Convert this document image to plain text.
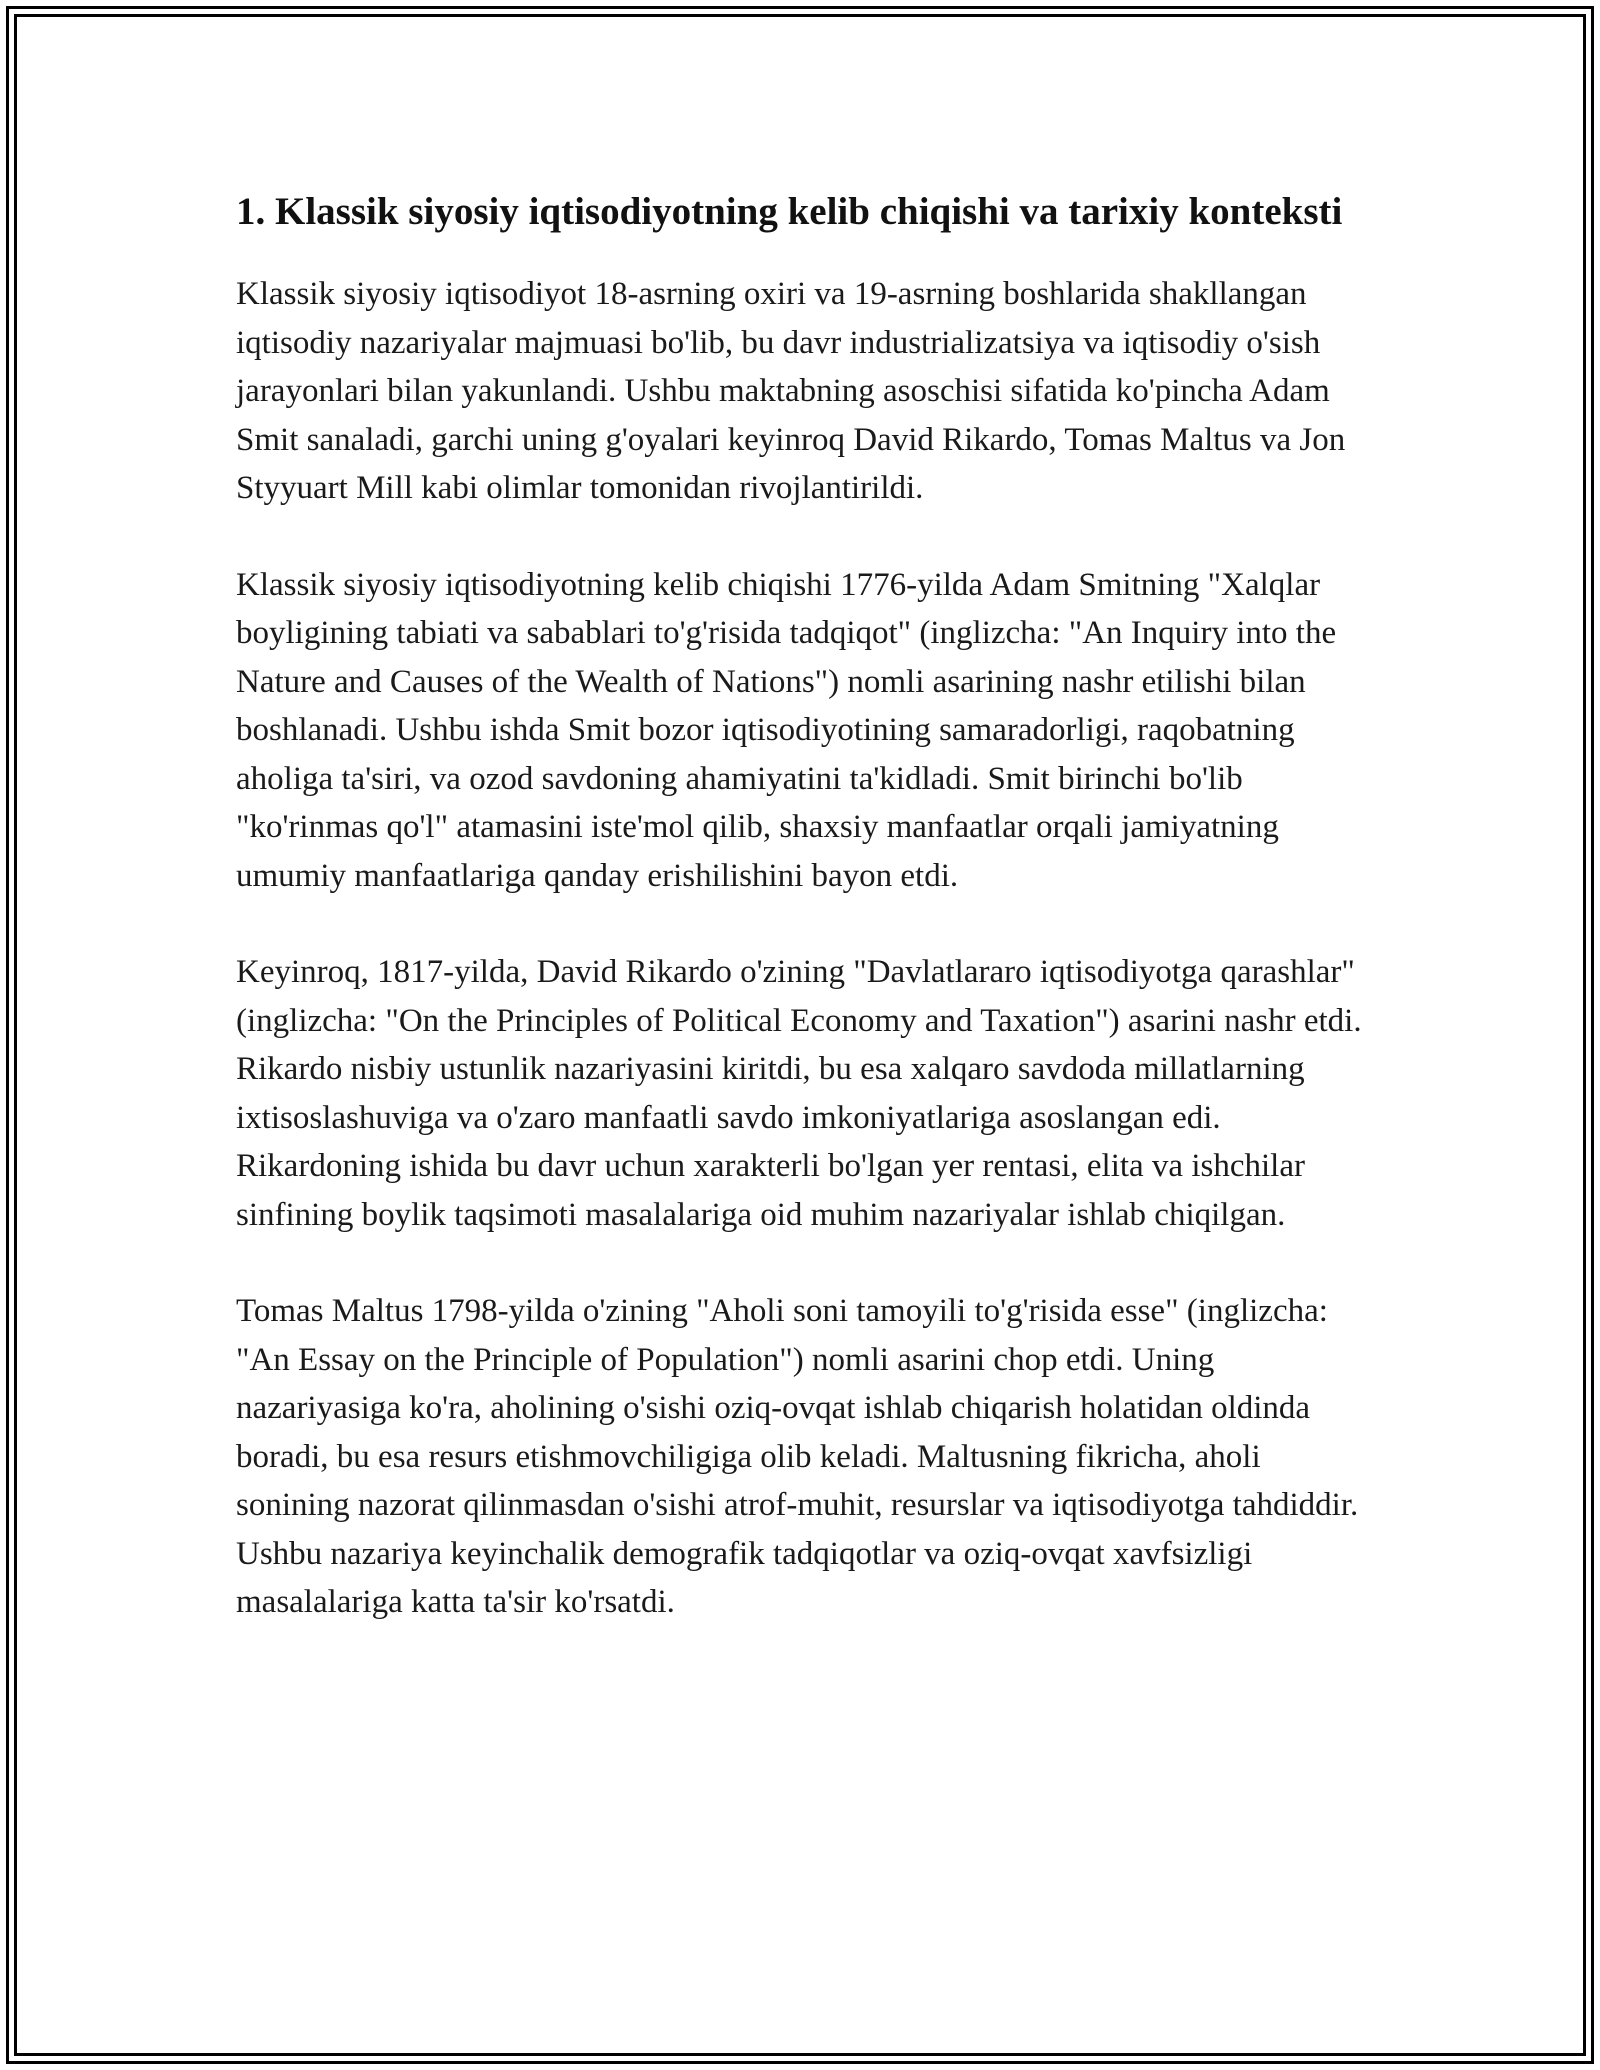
1. Klassik siyosiy iqtisodiyotning kelib chiqishi va tarixiy konteksti

Klassik siyosiy iqtisodiyot 18-asrning oxiri va 19-asrning boshlarida shakllangan iqtisodiy nazariyalar majmuasi bo'lib, bu davr industrializatsiya va iqtisodiy o'sish jarayonlari bilan yakunlandi. Ushbu maktabning asoschisi sifatida ko'pincha Adam Smit sanaladi, garchi uning g'oyalari keyinroq David Rikardo, Tomas Maltus va Jon Styyuart Mill kabi olimlar tomonidan rivojlantirildi.

Klassik siyosiy iqtisodiyotning kelib chiqishi 1776-yilda Adam Smitning "Xalqlar boyligining tabiati va sabablari to'g'risida tadqiqot" (inglizcha: "An Inquiry into the Nature and Causes of the Wealth of Nations") nomli asarining nashr etilishi bilan boshlanadi. Ushbu ishda Smit bozor iqtisodiyotining samaradorligi, raqobatning aholiga ta'siri, va ozod savdoning ahamiyatini ta'kidladi. Smit birinchi bo'lib "ko'rinmas qo'l" atamasini iste'mol qilib, shaxsiy manfaatlar orqali jamiyatning umumiy manfaatlariga qanday erishilishini bayon etdi.

Keyinroq, 1817-yilda, David Rikardo o'zining "Davlatlararo iqtisodiyotga qarashlar" (inglizcha: "On the Principles of Political Economy and Taxation") asarini nashr etdi. Rikardo nisbiy ustunlik nazariyasini kiritdi, bu esa xalqaro savdoda millatlarning ixtisoslashuviga va o'zaro manfaatli savdo imkoniyatlariga asoslangan edi. Rikardoning ishida bu davr uchun xarakterli bo'lgan yer rentasi, elita va ishchilar sinfining boylik taqsimoti masalalariga oid muhim nazariyalar ishlab chiqilgan.

Tomas Maltus 1798-yilda o'zining "Aholi soni tamoyili to'g'risida esse" (inglizcha: "An Essay on the Principle of Population") nomli asarini chop etdi. Uning nazariyasiga ko'ra, aholining o'sishi oziq-ovqat ishlab chiqarish holatidan oldinda boradi, bu esa resurs etishmovchiligiga olib keladi. Maltusning fikricha, aholi sonining nazorat qilinmasdan o'sishi atrof-muhit, resurslar va iqtisodiyotga tahdiddir. Ushbu nazariya keyinchalik demografik tadqiqotlar va oziq-ovqat xavfsizligi masalalariga katta ta'sir ko'rsatdi.
